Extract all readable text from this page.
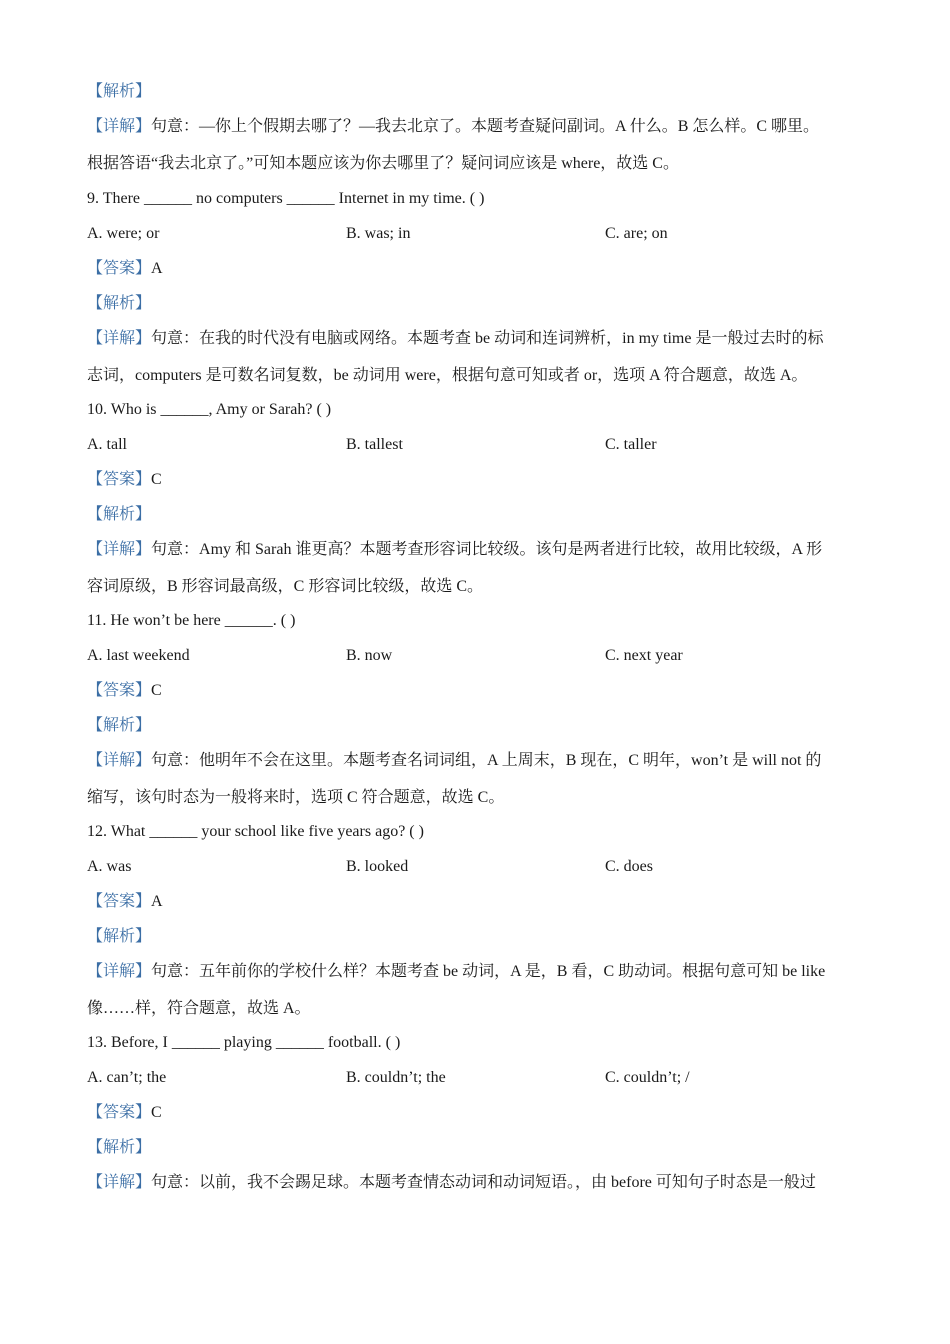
【解析】
【详解】句意：—你上个假期去哪了？—我去北京了。本题考查疑问副词。A 什么。B 怎么样。C 哪里。
根据答语“我去北京了。”可知本题应该为你去哪里了？疑问词应该是 where，故选 C。
9. There ______ no computers ______ Internet in my time. ( )
A. were; or	B. was; in	C. are; on
【答案】A
【解析】
【详解】句意：在我的时代没有电脑或网络。本题考查 be 动词和连词辨析，in my time 是一般过去时的标
志词，computers 是可数名词复数，be 动词用 were，根据句意可知或者 or，选项 A 符合题意，故选 A。
10. Who is ______, Amy or Sarah? ( )
A. tall	B. tallest	C. taller
【答案】C
【解析】
【详解】句意：Amy 和 Sarah 谁更高？本题考查形容词比较级。该句是两者进行比较，故用比较级，A 形
容词原级，B 形容词最高级，C 形容词比较级，故选 C。
11. He won’t be here ______. ( )
A. last weekend	B. now	C. next year
【答案】C
【解析】
【详解】句意：他明年不会在这里。本题考查名词词组，A 上周末，B 现在，C 明年，won’t 是 will not 的
缩写，该句时态为一般将来时，选项 C 符合题意，故选 C。
12. What ______ your school like five years ago? ( )
A. was	B. looked	C. does
【答案】A
【解析】
【详解】句意：五年前你的学校什么样？本题考查 be 动词，A 是，B 看，C 助动词。根据句意可知 be like
像……样，符合题意，故选 A。
13. Before, I ______ playing ______ football. ( )
A. can’t; the	B. couldn’t; the	C. couldn’t; /
【答案】C
【解析】
【详解】句意：以前，我不会踢足球。本题考查情态动词和动词短语。，由 before 可知句子时态是一般过
